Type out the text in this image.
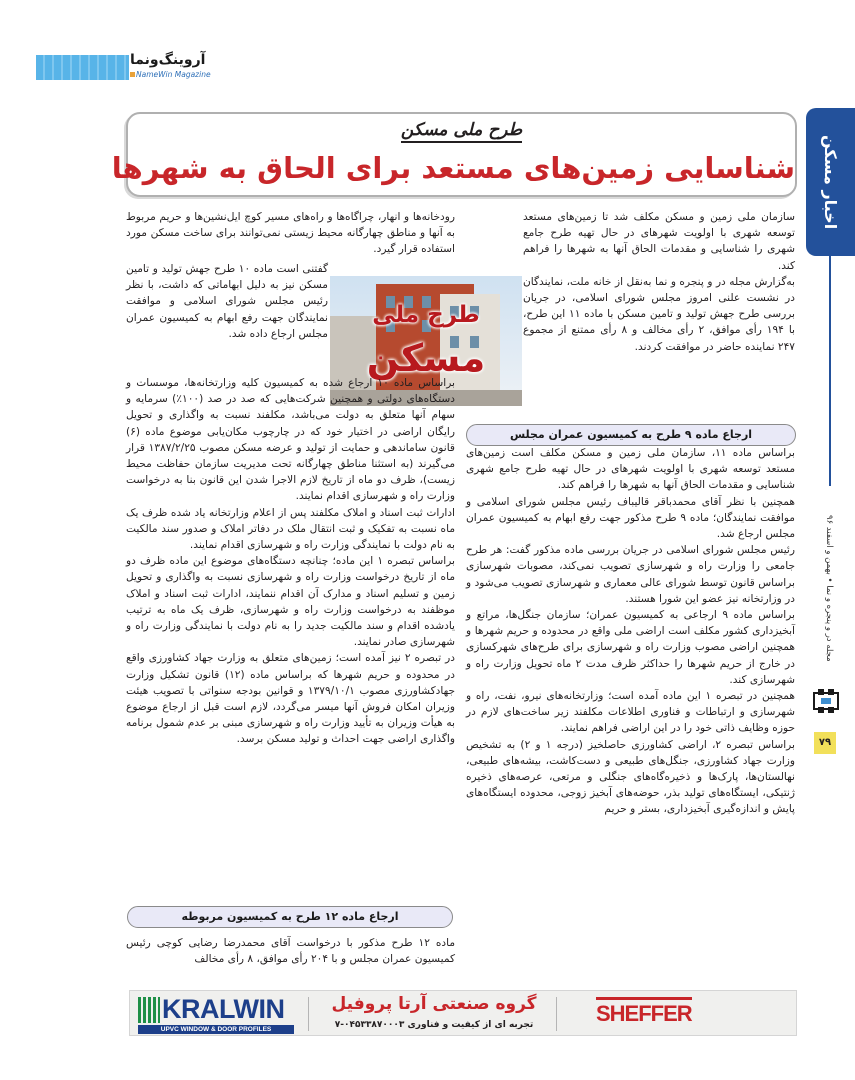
آروینگ‌و‌نما
NameWin Magazine
اخبار مسکن
مجله در و پنجره و نما • بهمن و اسفند ۹۶
۷۹
طرح ملی مسکن
شناسایی زمین‌های مستعد برای الحاق به شهرها

سازمان ملی زمین و مسکن مکلف شد تا زمین‌های مستعد توسعه شهری با اولویت شهرهای در حال تهیه طرح جامع شهری را شناسایی و مقدمات الحاق آنها به شهرها را فراهم کند.

به‌گزارش مجله در و پنجره و نما به‌نقل از خانه ملت، نمایندگان در نشست علنی امروز مجلس شورای اسلامی، در جریان بررسی طرح جهش تولید و تامین مسکن با ماده ۱۱ این طرح، با ۱۹۴ رأی موافق، ۲ رأی مخالف و ۸ رأی ممتنع از مجموع ۲۴۷ نماینده حاضر در موافقت کردند.

ارجاع ماده ۹ طرح به کمیسیون عمران مجلس

براساس ماده ۱۱، سازمان ملی زمین و مسکن مکلف است زمین‌های مستعد توسعه شهری با اولویت شهرهای در حال تهیه طرح جامع شهری شناسایی و مقدمات الحاق آنها به شهرها را فراهم کند.

همچنین با نظر آقای محمدباقر قالیباف رئیس مجلس شورای اسلامی و موافقت نمایندگان؛ ماده ۹ طرح مذکور جهت رفع ابهام به کمیسیون عمران مجلس ارجاع شد.

رئیس مجلس شورای اسلامی در جریان بررسی ماده مذکور گفت: هر طرح جامعی را وزارت راه و شهرسازی تصویب نمی‌کند، مصوبات شهرسازی براساس قانون توسط شورای عالی معماری و شهرسازی تصویب می‌شود و در وزارتخانه نیز عضو این شورا هستند.

براساس ماده ۹ ارجاعی به کمیسیون عمران؛ سازمان جنگل‌ها، مراتع و آبخیزداری کشور مکلف است اراضی ملی واقع در محدوده و حریم شهرها و همچنین اراضی مصوب وزارت راه و شهرسازی برای طرح‌های شهرکسازی در خارج از حریم شهرها را حداکثر ظرف مدت ۲ ماه تحویل وزارت راه و شهرسازی کند.

همچنین در تبصره ۱ این ماده آمده است؛ وزارتخانه‌های نیرو، نفت، راه و شهرسازی و ارتباطات و فناوری اطلاعات مکلفند زیر ساخت‌های لازم در حوزه وظایف ذاتی خود را در این اراضی فراهم نمایند.

براساس تبصره ۲، اراضی کشاورزی حاصلخیز (درجه ۱ و ۲) به تشخیص وزارت جهاد کشاورزی، جنگل‌های طبیعی و دست‌کاشت، بیشه‌های طبیعی، نهالستان‌ها، پارک‌ها و ذخیره‌گاه‌های جنگلی و مرتعی، عرصه‌های ذخیره ژنتیکی، ایستگاه‌های تولید بذر، حوضه‌های آبخیز زوجی، محدوده ایستگاه‌های پایش و اندازه‌گیری آبخیزداری، بستر و حریم

رودخانه‌ها و انهار، چراگاه‌ها و راه‌های مسیر کوچ ایل‌نشین‌ها و حریم مربوط به آنها و مناطق چهارگانه محیط زیستی نمی‌توانند برای ساخت مسکن مورد استفاده قرار گیرد.

گفتنی است ماده ۱۰ طرح جهش تولید و تامین مسکن نیز به دلیل ابهاماتی که داشت، با نظر رئیس مجلس شورای اسلامی و موافقت نمایندگان جهت رفع ابهام به کمیسیون عمران مجلس ارجاع داده شد.

طرح ملی
مسکن

براساس ماده ۱۰ ارجاع شده به کمیسیون کلیه وزارتخانه‌ها، موسسات و دستگاه‌های دولتی و همچنین شرکت‌هایی که صد در صد (۱۰۰٪) سرمایه و سهام آنها متعلق به دولت می‌باشد، مکلفند نسبت به واگذاری و تحویل رایگان اراضی در اختیار خود که در چارچوب مکان‌یابی موضوع ماده (۶) قانون ساماندهی و حمایت از تولید و عرضه مسکن مصوب ۱۳۸۷/۲/۲۵ قرار می‌گیرند (به استثنا مناطق چهارگانه تحت مدیریت سازمان حفاظت محیط زیست)، ظرف دو ماه از تاریخ لازم الاجرا شدن این قانون بنا به درخواست وزارت راه و شهرسازی اقدام نمایند.

ادارات ثبت اسناد و املاک مکلفند پس از اعلام وزارتخانه یاد شده ظرف یک ماه نسبت به تفکیک و ثبت انتقال ملک در دفاتر املاک و صدور سند مالکیت به نام دولت با نمایندگی وزارت راه و شهرسازی اقدام نمایند.

براساس تبصره ۱ این ماده؛ چنانچه دستگاه‌های موضوع این ماده ظرف دو ماه از تاریخ درخواست وزارت راه و شهرسازی نسبت به واگذاری و تحویل زمین و تسلیم اسناد و مدارک آن اقدام ننمایند، ادارات ثبت اسناد و املاک موظفند به درخواست وزارت راه و شهرسازی، ظرف یک ماه به ترتیب یادشده اقدام و سند مالکیت جدید را به نام دولت با نمایندگی وزارت راه و شهرسازی صادر نمایند.

در تبصره ۲ نیز آمده است؛ زمین‌های متعلق به وزارت جهاد کشاورزی واقع در محدوده و حریم شهرها که براساس ماده (۱۲) قانون تشکیل وزارت جهادکشاورزی مصوب ۱۳۷۹/۱۰/۱ و قوانین بودجه سنواتی با تصویب هیئت وزیران امکان فروش آنها میسر می‌گردد، لازم است قبل از ارجاع موضوع به هیأت وزیران به تأیید وزارت راه و شهرسازی مبنی بر عدم شمول برنامه واگذاری اراضی جهت احداث و تولید مسکن برسد.

ارجاع ماده ۱۲ طرح به کمیسیون مربوطه

ماده ۱۲ طرح مذکور با درخواست آقای محمدرضا رضایی کوچی رئیس کمیسیون عمران مجلس و با ۲۰۴ رأی موافق، ۸ رأی مخالف

KRALWIN
UPVC WINDOW & DOOR PROFILES
گروه صنعتی آرتا پروفیل
تجربه ای از کیفیت و فناوری ۰۴۵۳۳۸۷۰۰۰۳-۷	SHEFFER
